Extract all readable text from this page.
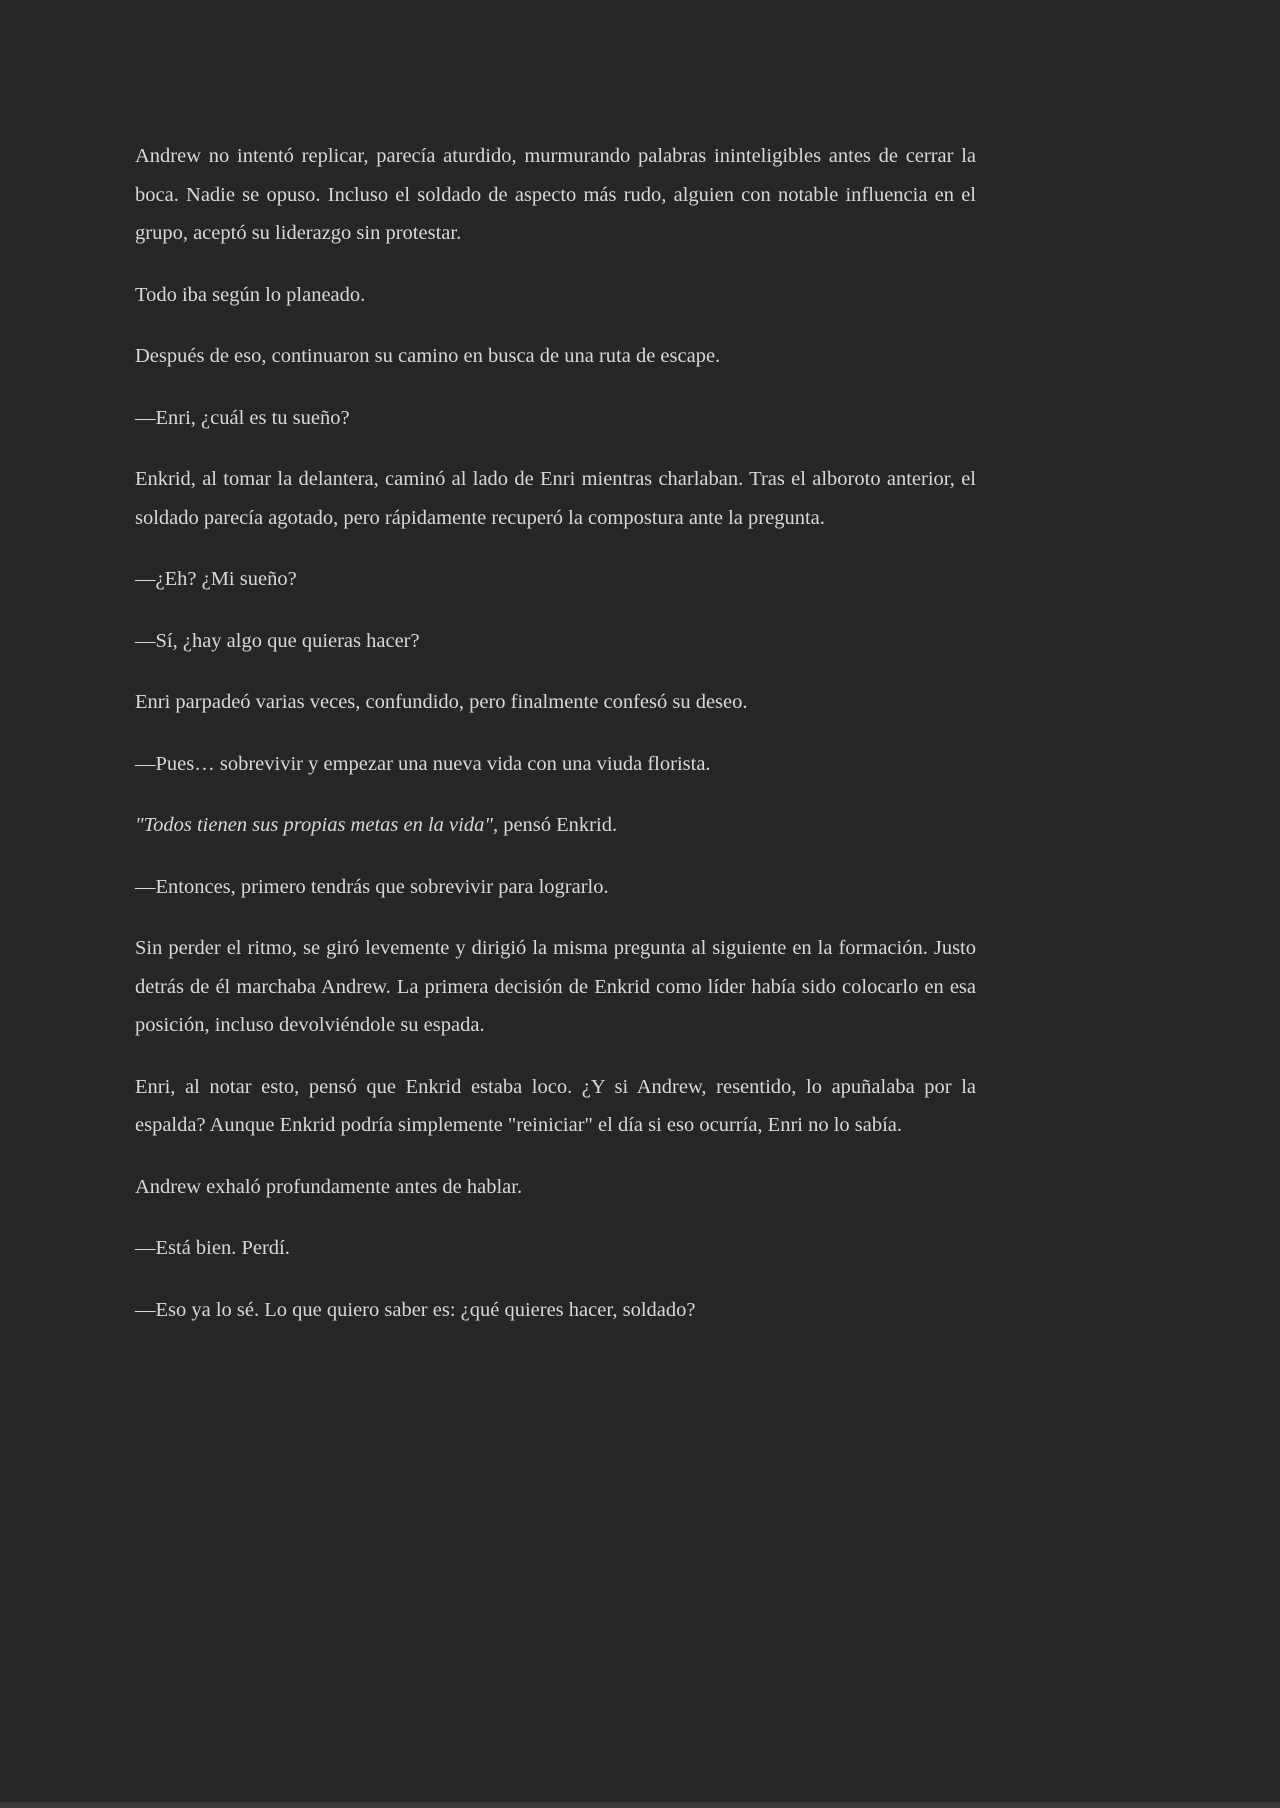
Andrew no intentó replicar, parecía aturdido, murmurando palabras ininteligibles antes de cerrar la boca. Nadie se opuso. Incluso el soldado de aspecto más rudo, alguien con notable influencia en el grupo, aceptó su liderazgo sin protestar.

Todo iba según lo planeado.

Después de eso, continuaron su camino en busca de una ruta de escape.

—Enri, ¿cuál es tu sueño?

Enkrid, al tomar la delantera, caminó al lado de Enri mientras charlaban. Tras el alboroto anterior, el soldado parecía agotado, pero rápidamente recuperó la compostura ante la pregunta.

—¿Eh? ¿Mi sueño?

—Sí, ¿hay algo que quieras hacer?

Enri parpadeó varias veces, confundido, pero finalmente confesó su deseo.

—Pues… sobrevivir y empezar una nueva vida con una viuda florista.

"Todos tienen sus propias metas en la vida", pensó Enkrid.

—Entonces, primero tendrás que sobrevivir para lograrlo.

Sin perder el ritmo, se giró levemente y dirigió la misma pregunta al siguiente en la formación. Justo detrás de él marchaba Andrew. La primera decisión de Enkrid como líder había sido colocarlo en esa posición, incluso devolviéndole su espada.

Enri, al notar esto, pensó que Enkrid estaba loco. ¿Y si Andrew, resentido, lo apuñalaba por la espalda? Aunque Enkrid podría simplemente "reiniciar" el día si eso ocurría, Enri no lo sabía.

Andrew exhaló profundamente antes de hablar.

—Está bien. Perdí.

—Eso ya lo sé. Lo que quiero saber es: ¿qué quieres hacer, soldado?
